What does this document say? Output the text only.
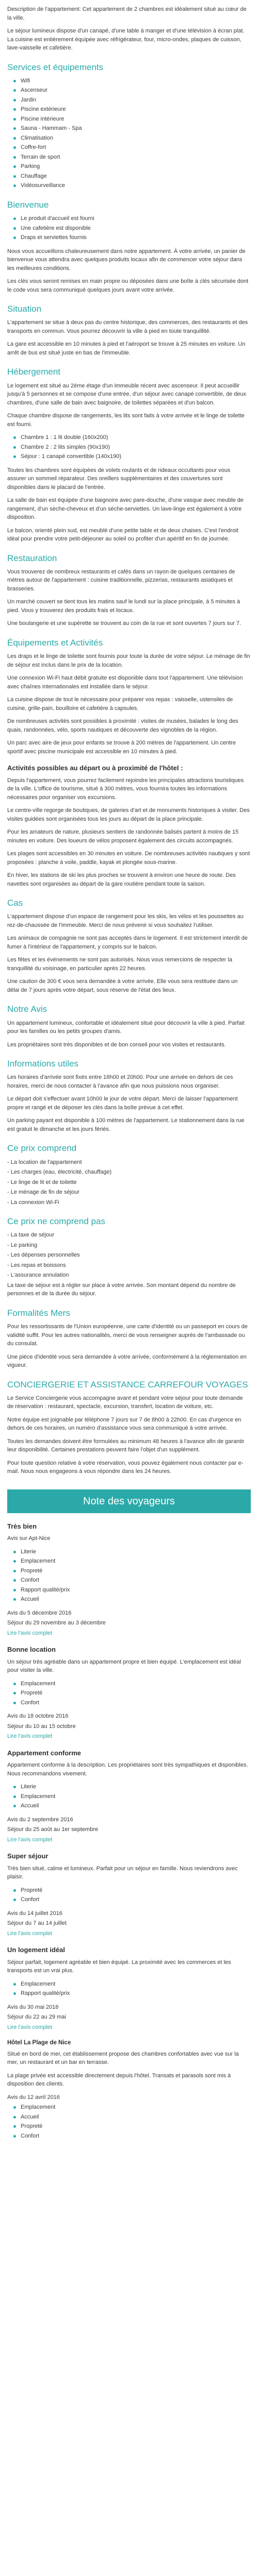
Description de l'appartement: Cet appartement de 2 chambres est idéalement situé au cœur de la ville.

Le séjour lumineux dispose d'un canapé, d'une table à manger et d'une télévision à écran plat. La cuisine est entièrement équipée avec réfrigérateur, four, micro-ondes, plaques de cuisson, lave-vaisselle et cafetière.

Services et équipements
Wifi
Ascenseur
Jardin
Piscine extérieure
Piscine intérieure
Sauna - Hammam - Spa
Climatisation
Coffre-fort
Terrain de sport
Parking
Chauffage
Vidéosurveillance
Bienvenue
Le produit d'accueil est fourni
Une cafetière est disponible
Draps et serviettes fournis

Nous vous accueillons chaleureusement dans notre appartement. À votre arrivée, un panier de bienvenue vous attendra avec quelques produits locaux afin de commencer votre séjour dans les meilleures conditions.

Les clés vous seront remises en main propre ou déposées dans une boîte à clés sécurisée dont le code vous sera communiqué quelques jours avant votre arrivée.

Situation

L'appartement se situe à deux pas du centre historique, des commerces, des restaurants et des transports en commun. Vous pourrez découvrir la ville à pied en toute tranquillité.

La gare est accessible en 10 minutes à pied et l'aéroport se trouve à 25 minutes en voiture. Un arrêt de bus est situé juste en bas de l'immeuble.

Hébergement

Le logement est situé au 2ème étage d'un immeuble récent avec ascenseur. Il peut accueillir jusqu'à 5 personnes et se compose d'une entrée, d'un séjour avec canapé convertible, de deux chambres, d'une salle de bain avec baignoire, de toilettes séparées et d'un balcon.

Chaque chambre dispose de rangements, les lits sont faits à votre arrivée et le linge de toilette est fourni.

Chambre 1 : 1 lit double (160x200)
Chambre 2 : 2 lits simples (90x190)
Séjour : 1 canapé convertible (140x190)

Toutes les chambres sont équipées de volets roulants et de rideaux occultants pour vous assurer un sommeil réparateur. Des oreillers supplémentaires et des couvertures sont disponibles dans le placard de l'entrée.

La salle de bain est équipée d'une baignoire avec pare-douche, d'une vasque avec meuble de rangement, d'un sèche-cheveux et d'un sèche-serviettes. Un lave-linge est également à votre disposition.

Le balcon, orienté plein sud, est meublé d'une petite table et de deux chaises. C'est l'endroit idéal pour prendre votre petit-déjeuner au soleil ou profiter d'un apéritif en fin de journée.

Restauration

Vous trouverez de nombreux restaurants et cafés dans un rayon de quelques centaines de mètres autour de l'appartement : cuisine traditionnelle, pizzerias, restaurants asiatiques et brasseries.

Un marché couvert se tient tous les matins sauf le lundi sur la place principale, à 5 minutes à pied. Vous y trouverez des produits frais et locaux.

Une boulangerie et une supérette se trouvent au coin de la rue et sont ouvertes 7 jours sur 7.

Équipements et Activités

Les draps et le linge de toilette sont fournis pour toute la durée de votre séjour. Le ménage de fin de séjour est inclus dans le prix de la location.

Une connexion Wi-Fi haut débit gratuite est disponible dans tout l'appartement. Une télévision avec chaînes internationales est installée dans le séjour.

La cuisine dispose de tout le nécessaire pour préparer vos repas : vaisselle, ustensiles de cuisine, grille-pain, bouilloire et cafetière à capsules.

De nombreuses activités sont possibles à proximité : visites de musées, balades le long des quais, randonnées, vélo, sports nautiques et découverte des vignobles de la région.

Un parc avec aire de jeux pour enfants se trouve à 200 mètres de l'appartement. Un centre sportif avec piscine municipale est accessible en 10 minutes à pied.

Activités possibles au départ ou à proximité de l'hôtel :

Depuis l'appartement, vous pourrez facilement rejoindre les principales attractions touristiques de la ville. L'office de tourisme, situé à 300 mètres, vous fournira toutes les informations nécessaires pour organiser vos excursions.

Le centre-ville regorge de boutiques, de galeries d'art et de monuments historiques à visiter. Des visites guidées sont organisées tous les jours au départ de la place principale.

Pour les amateurs de nature, plusieurs sentiers de randonnée balisés partent à moins de 15 minutes en voiture. Des loueurs de vélos proposent également des circuits accompagnés.

Les plages sont accessibles en 30 minutes en voiture. De nombreuses activités nautiques y sont proposées : planche à voile, paddle, kayak et plongée sous-marine.

En hiver, les stations de ski les plus proches se trouvent à environ une heure de route. Des navettes sont organisées au départ de la gare routière pendant toute la saison.

Cas

L'appartement dispose d'un espace de rangement pour les skis, les vélos et les poussettes au rez-de-chaussée de l'immeuble. Merci de nous prévenir si vous souhaitez l'utiliser.

Les animaux de compagnie ne sont pas acceptés dans le logement. Il est strictement interdit de fumer à l'intérieur de l'appartement, y compris sur le balcon.

Les fêtes et les événements ne sont pas autorisés. Nous vous remercions de respecter la tranquillité du voisinage, en particulier après 22 heures.

Une caution de 300 € vous sera demandée à votre arrivée. Elle vous sera restituée dans un délai de 7 jours après votre départ, sous réserve de l'état des lieux.

Notre Avis

Un appartement lumineux, confortable et idéalement situé pour découvrir la ville à pied. Parfait pour les familles ou les petits groupes d'amis.

Les propriétaires sont très disponibles et de bon conseil pour vos visites et restaurants.

Informations utiles

Les horaires d'arrivée sont fixés entre 16h00 et 20h00. Pour une arrivée en dehors de ces horaires, merci de nous contacter à l'avance afin que nous puissions nous organiser.

Le départ doit s'effectuer avant 10h00 le jour de votre départ. Merci de laisser l'appartement propre et rangé et de déposer les clés dans la boîte prévue à cet effet.

Un parking payant est disponible à 100 mètres de l'appartement. Le stationnement dans la rue est gratuit le dimanche et les jours fériés.

Ce prix comprend

- La location de l'appartement

- Les charges (eau, électricité, chauffage)

- Le linge de lit et de toilette

- Le ménage de fin de séjour

- La connexion Wi-Fi

Ce prix ne comprend pas

- La taxe de séjour

- Le parking

- Les dépenses personnelles

- Les repas et boissons

- L'assurance annulation

La taxe de séjour est à régler sur place à votre arrivée. Son montant dépend du nombre de personnes et de la durée du séjour.

Formalités Mers

Pour les ressortissants de l'Union européenne, une carte d'identité ou un passeport en cours de validité suffit. Pour les autres nationalités, merci de vous renseigner auprès de l'ambassade ou du consulat.

Une pièce d'identité vous sera demandée à votre arrivée, conformément à la réglementation en vigueur.

CONCIERGERIE ET ASSISTANCE CARREFOUR VOYAGES

Le Service Conciergerie vous accompagne avant et pendant votre séjour pour toute demande de réservation : restaurant, spectacle, excursion, transfert, location de voiture, etc.

Notre équipe est joignable par téléphone 7 jours sur 7 de 8h00 à 22h00. En cas d'urgence en dehors de ces horaires, un numéro d'assistance vous sera communiqué à votre arrivée.

Toutes les demandes doivent être formulées au minimum 48 heures à l'avance afin de garantir leur disponibilité. Certaines prestations peuvent faire l'objet d'un supplément.

Pour toute question relative à votre réservation, vous pouvez également nous contacter par e-mail. Nous nous engageons à vous répondre dans les 24 heures.

Note des voyageurs
Très bien

Avis sur Apt-Nice

Literie
Emplacement
Propreté
Confort
Rapport qualité/prix
Accueil

Avis du 5 décembre 2016

Séjour du 29 novembre au 3 décembre

Lire l'avis complet

Bonne location

Un séjour très agréable dans un appartement propre et bien équipé. L'emplacement est idéal pour visiter la ville.

Emplacement
Propreté
Confort

Avis du 18 octobre 2016

Séjour du 10 au 15 octobre

Lire l'avis complet

Appartement conforme

Appartement conforme à la description. Les propriétaires sont très sympathiques et disponibles. Nous recommandons vivement.

Literie
Emplacement
Accueil

Avis du 2 septembre 2016

Séjour du 25 août au 1er septembre

Lire l'avis complet

Super séjour

Très bien situé, calme et lumineux. Parfait pour un séjour en famille. Nous reviendrons avec plaisir.

Propreté
Confort

Avis du 14 juillet 2016

Séjour du 7 au 14 juillet

Lire l'avis complet

Un logement idéal

Séjour parfait, logement agréable et bien équipé. La proximité avec les commerces et les transports est un vrai plus.

Emplacement
Rapport qualité/prix

Avis du 30 mai 2016

Séjour du 22 au 29 mai

Lire l'avis complet

Hôtel La Plage de Nice

Situé en bord de mer, cet établissement propose des chambres confortables avec vue sur la mer, un restaurant et un bar en terrasse.

La plage privée est accessible directement depuis l'hôtel. Transats et parasols sont mis à disposition des clients.

Avis du 12 avril 2016

Emplacement
Accueil
Propreté
Confort
